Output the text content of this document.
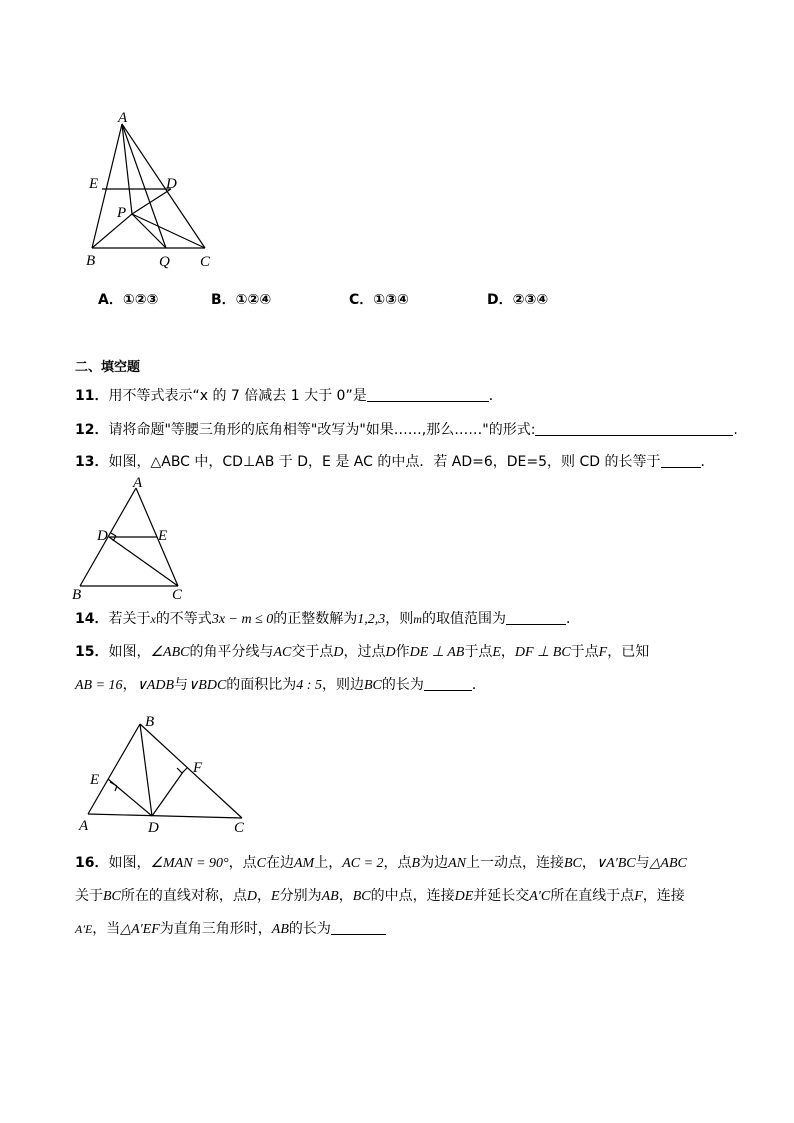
A
E	D
P
B	Q C
A．①②③	B．①②④	C．①③④	D．②③④
二、填空题
11．用不等式表示“x 的 7 倍减去 1 大于 0”是	．
12．请将命题"等腰三角形的底角相等"改写为"如果……,那么……"的形式:	.
13．如图，△ABC 中，CD⊥AB 于 D，E 是 AC 的中点．若 AD=6，DE=5，则 CD 的长等于	．
A
D	E
B	C
14．若关于x的不等式3x − m ≤ 0的正整数解为1,2,3，则m的取值范围为	．
15．如图，∠ABC的角平分线与AC交于点D，过点D作DE ⊥ AB于点E，DF ⊥ BC于点F，已知
AB = 16，∨ADB与∨BDC的面积比为4 : 5，则边BC的长为	．
B
E
F
A	D	C
16．如图，∠MAN = 90°，点C在边AM上，AC = 2，点B为边AN上一动点，连接BC，∨A′BC与△ABC
关于BC所在的直线对称，点D，E分别为AB，BC的中点，连接DE并延长交A′C所在直线于点F，连接
A′E，当△A′EF为直角三角形时，AB的长为
